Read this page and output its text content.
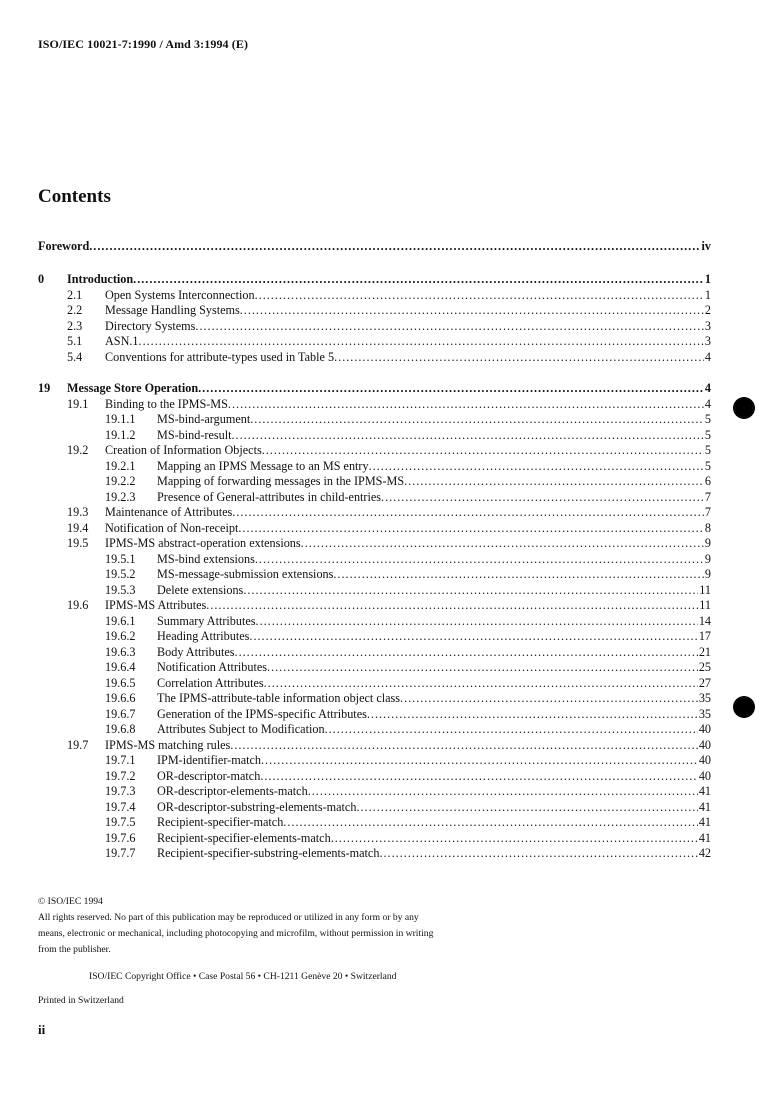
ISO/IEC 10021-7:1990 / Amd 3:1994 (E)
Contents
Foreword .....	iv
0 Introduction .....	1
2.1 Open Systems Interconnection .....	1
2.2 Message Handling Systems .....	2
2.3 Directory Systems .....	3
5.1 ASN.1 .....	3
5.4 Conventions for attribute-types used in Table 5 .....	4
19 Message Store Operation .....	4
19.1 Binding to the IPMS-MS .....	4
19.1.1 MS-bind-argument .....	5
19.1.2 MS-bind-result .....	5
19.2 Creation of Information Objects .....	5
19.2.1 Mapping an IPMS Message to an MS entry .....	5
19.2.2 Mapping of forwarding messages in the IPMS-MS .....	6
19.2.3 Presence of General-attributes in child-entries .....	7
19.3 Maintenance of Attributes .....	7
19.4 Notification of Non-receipt .....	8
19.5 IPMS-MS abstract-operation extensions .....	9
19.5.1 MS-bind extensions .....	9
19.5.2 MS-message-submission extensions .....	9
19.5.3 Delete extensions .....	11
19.6 IPMS-MS Attributes .....	11
19.6.1 Summary Attributes .....	14
19.6.2 Heading Attributes .....	17
19.6.3 Body Attributes .....	21
19.6.4 Notification Attributes .....	25
19.6.5 Correlation Attributes .....	27
19.6.6 The IPMS-attribute-table information object class .....	35
19.6.7 Generation of the IPMS-specific Attributes .....	35
19.6.8 Attributes Subject to Modification .....	40
19.7 IPMS-MS matching rules .....	40
19.7.1 IPM-identifier-match .....	40
19.7.2 OR-descriptor-match .....	40
19.7.3 OR-descriptor-elements-match .....	41
19.7.4 OR-descriptor-substring-elements-match .....	41
19.7.5 Recipient-specifier-match .....	41
19.7.6 Recipient-specifier-elements-match .....	41
19.7.7 Recipient-specifier-substring-elements-match .....	42
© ISO/IEC 1994
All rights reserved. No part of this publication may be reproduced or utilized in any form or by any
means, electronic or mechanical, including photocopying and microfilm, without permission in writing
from the publisher.
ISO/IEC Copyright Office • Case Postal 56 • CH-1211 Genève 20 • Switzerland
Printed in Switzerland
ii
